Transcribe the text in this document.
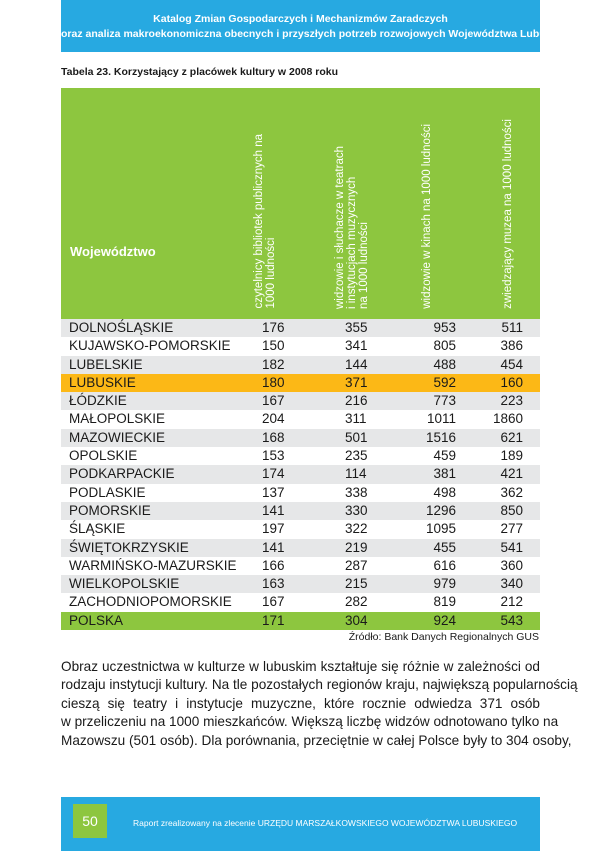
Katalog Zmian Gospodarczych i Mechanizmów Zaradczych
oraz analiza makroekonomiczna obecnych i przyszłych potrzeb rozwojowych Województwa Lubuskiego
Tabela 23. Korzystający z placówek kultury w 2008 roku
Województwo
czytelnicy bibliotek publicznych na
1000 ludności
widzowie i słuchacze w teatrach
i instytucjach muzycznych
na 1000 ludności	widzowie w kinach na 1000 ludności	zwiedzający muzea na 1000 ludności
DOLNOŚLĄSKIE	176	355	953	511
KUJAWSKO-POMORSKIE 150	341	805	386
LUBELSKIE	182	144	488	454
LUBUSKIE	180	371	592	160
ŁÓDZKIE	167	216	773	223
MAŁOPOLSKIE	204	311	1011	1860
MAZOWIECKIE	168	501	1516	621
OPOLSKIE	153	235	459	189
PODKARPACKIE	174	114	381	421
PODLASKIE	137	338	498	362
POMORSKIE	141	330	1296	850
ŚLĄSKIE	197	322	1095	277
ŚWIĘTOKRZYSKIE	141	219	455	541
WARMIŃSKO-MAZURSKIE 166	287	616	360
WIELKOPOLSKIE	163	215	979	340
ZACHODNIOPOMORSKIE 167	282	819	212
POLSKA	171	304	924	543
Źródło: Bank Danych Regionalnych GUS
Obraz uczestnictwa w kulturze w lubuskim kształtuje się różnie w zależności od
rodzaju instytucji kultury. Na tle pozostałych regionów kraju, największą popularnością
cieszą się teatry i instytucje muzyczne, które rocznie odwiedza 371 osób
w przeliczeniu na 1000 mieszkańców. Większą liczbę widzów odnotowano tylko na
Mazowszu (501 osób). Dla porównania, przeciętnie w całej Polsce były to 304 osoby,
50	Raport zrealizowany na zlecenie URZĘDU MARSZAŁKOWSKIEGO WOJEWÓDZTWA LUBUSKIEGO
